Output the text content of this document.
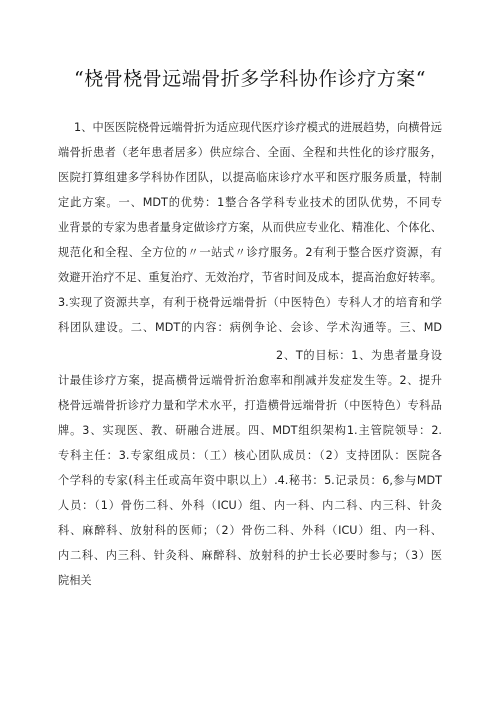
“桡骨桡骨远端骨折多学科协作诊疗方案“
1、中医医院桡骨远端骨折为适应现代医疗诊疗模式的进展趋势，向横骨远
端骨折患者（老年患者居多）供应综合、全面、全程和共性化的诊疗服务，
医院打算组建多学科协作团队，以提高临床诊疗水平和医疗服务质量，特制
定此方案。一、MDT的优势：1整合各学科专业技术的团队优势，不同专
业背景的专家为患者量身定做诊疗方案，从而供应专业化、精准化、个体化、
规范化和全程、全方位的〃一站式〃诊疗服务。2有利于整合医疗资源，有
效避开治疗不足、重复治疗、无效治疗，节省时间及成本，提高治愈好转率。
3.实现了资源共享，有利于桡骨远端骨折（中医特色）专科人才的培育和学
科团队建设。二、MDT的内容：病例争论、会诊、学术沟通等。三、MD
2、T的目标：1、为患者量身设
计最佳诊疗方案，提高横骨远端骨折治愈率和削减并发症发生等。2、提升
桡骨远端骨折诊疗力量和学术水平，打造横骨远端骨折（中医特色）专科品
牌。3、实现医、教、研融合进展。四、MDT组织架构1.主管院领导：2.
专科主任：3.专家组成员：（工）核心团队成员：（2）支持团队：医院各
个学科的专家(科主任或高年资中职以上）.4.秘书：5.记录员：6,参与MDT
人员：（1）骨伤二科、外科（ICU）组、内一科、内二科、内三科、针灸
科、麻醉科、放射科的医师；（2）骨伤二科、外科（ICU）组、内一科、
内二科、内三科、针灸科、麻醉科、放射科的护士长必要时参与；（3）医
院相关
